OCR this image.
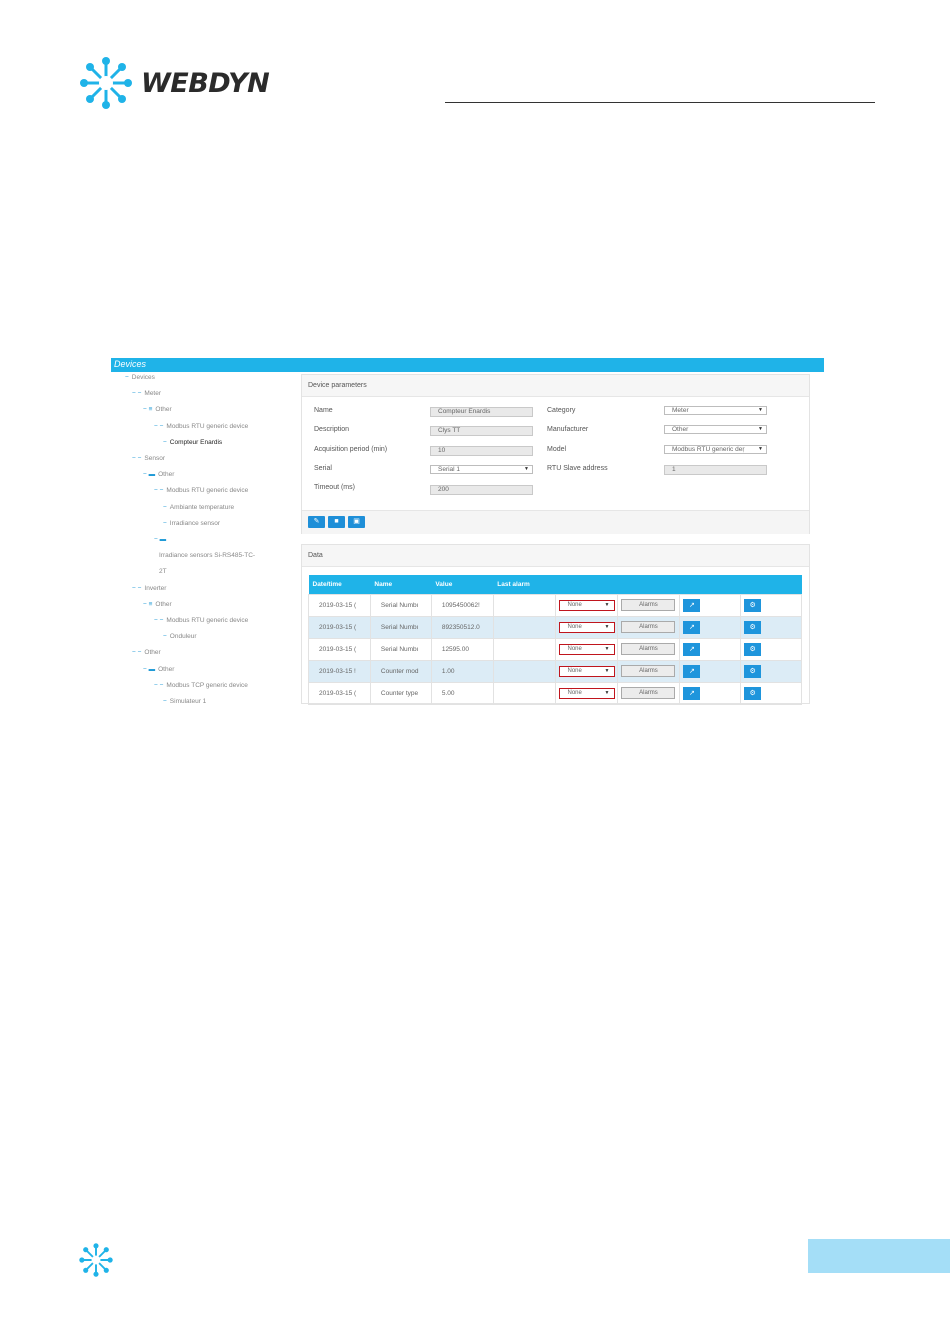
WEBDYN
Devices
− Devices
− − Meter
− ≡ Other
− − Modbus RTU generic device
− Compteur Enardis
− − Sensor
− ▬ Other
− − Modbus RTU generic device
− Ambiante temperature
− Irradiance sensor
− ▬
Irradiance sensors Si-RS485-TC-
2T
− − Inverter
− ≡ Other
− − Modbus RTU generic device
− Onduleur
− − Other
− ▬ Other
− − Modbus TCP generic device
− Simulateur 1
Device parameters
Name	Compteur Enardis
Description	Clys TT
Acquisition period (min)	10
Serial	Serial 1	▼
Timeout (ms)	200
Category	Meter	▼
Manufacturer	Other	▼
Model	Modbus RTU generic deṛ	▼
RTU Slave address	1
✎	■	▣
Data
Date/time	Name	Value	Last alarm				
2019-03-15 (	Serial Numbı	1095450062!		None ▼	Alarms	↗	⚙
2019-03-15 (	Serial Numbı	892350512.0		None ▼	Alarms	↗	⚙
2019-03-15 (	Serial Numbı	12595.00		None ▼	Alarms	↗	⚙
2019-03-15 !	Counter mod	1.00		None ▼	Alarms	↗	⚙
2019-03-15 (	Counter type	5.00		None ▼	Alarms	↗	⚙
